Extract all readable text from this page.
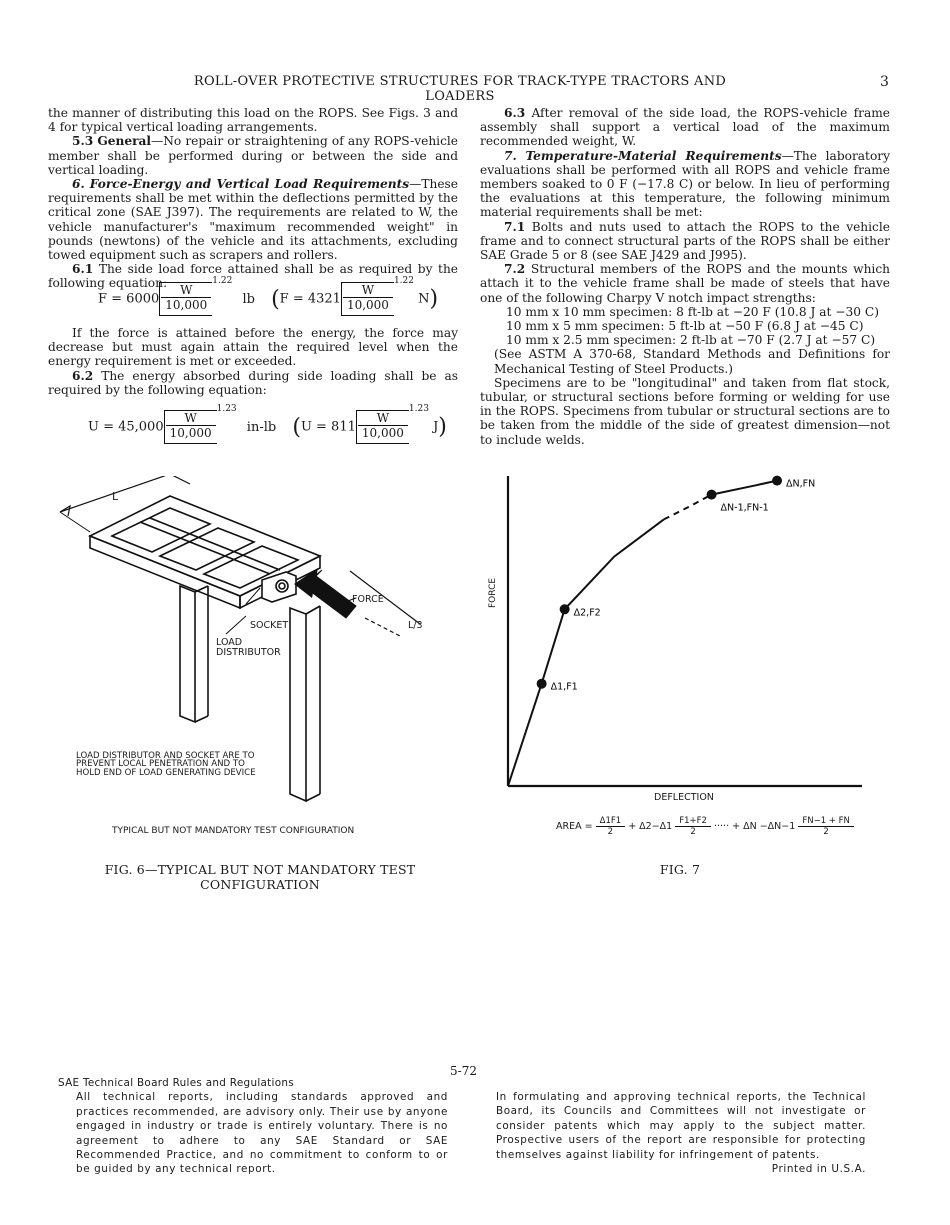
ROLL-OVER PROTECTIVE STRUCTURES FOR TRACK-TYPE TRACTORS AND LOADERS
3

the manner of distributing this load on the ROPS. See Figs. 3 and 4 for typical vertical loading arrangements.

5.3 General—No repair or straightening of any ROPS-vehicle member shall be performed during or between the side and vertical loading.

6. Force-Energy and Vertical Load Requirements—These requirements shall be met within the deflections permitted by the critical zone (SAE J397). The requirements are related to W, the vehicle manufacturer's "maximum recommended weight" in pounds (newtons) of the vehicle and its attachments, excluding towed equipment such as scrapers and rollers.

6.1 The side load force attained shall be as required by the following equation:

$F = 6000 \frac{W}{10,000}$
$^{1.22}$ lb ($F = 4321 \frac{W}{10,000}$
$^{1.22}$ N)

If the force is attained before the energy, the force may decrease but must again attain the required level when the energy requirement is met or exceeded.

6.2 The energy absorbed during side loading shall be as required by the following equation:

$U = 45,000 \frac{W}{10,000}$
$^{1.23}$ in-lb ($U = 811 \frac{W}{10,000}$
$^{1.23}$ J)

6.3 After removal of the side load, the ROPS-vehicle frame assembly shall support a vertical load of the maximum recommended weight, W.

7. Temperature-Material Requirements—The laboratory evaluations shall be performed with all ROPS and vehicle frame members soaked to 0 F (−17.8 C) or below. In lieu of performing the evaluations at this temperature, the following minimum material requirements shall be met:

7.1 Bolts and nuts used to attach the ROPS to the vehicle frame and to connect structural parts of the ROPS shall be either SAE Grade 5 or 8 (see SAE J429 and J995).

7.2 Structural members of the ROPS and the mounts which attach it to the vehicle frame shall be made of steels that have one of the following Charpy V notch impact strengths:

10 mm x 10 mm specimen: 8 ft-lb at −20 F (10.8 J at −30 C)

10 mm x 5 mm specimen: 5 ft-lb at −50 F (6.8 J at −45 C)

10 mm x 2.5 mm specimen: 2 ft-lb at −70 F (2.7 J at −57 C)

(See ASTM A 370-68, Standard Methods and Definitions for Mechanical Testing of Steel Products.)

Specimens are to be "longitudinal" and taken from flat stock, tubular, or structural sections before forming or welding for use in the ROPS. Specimens from tubular or structural sections are to be taken from the middle of the side of greatest dimension—not to include welds.

L
FORCE
L/3
SOCKET
LOAD
DISTRIBUTOR
LOAD DISTRIBUTOR AND SOCKET ARE TO
PREVENT LOCAL PENETRATION AND TO
HOLD END OF LOAD GENERATING DEVICE
TYPICAL BUT NOT MANDATORY TEST CONFIGURATION
FIG. 6—TYPICAL BUT NOT MANDATORY TEST
CONFIGURATION
Δ1,F1
Δ2,F2
ΔN-1,FN-1
ΔN,FN
FORCE
DEFLECTION
AREA = $\frac{\Delta 1F1}{2} + \Delta 2-\Delta 1 \frac{F1+F2}{2}$ ····· + $\Delta N -\Delta N-1 \frac{FN-1 + FN}{2}$
FIG. 7
5-72

SAE Technical Board Rules and Regulations

All technical reports, including standards approved and practices recommended, are advisory only. Their use by anyone engaged in industry or trade is entirely voluntary. There is no agreement to adhere to any SAE Standard or SAE Recommended Practice, and no commitment to conform to or be guided by any technical report.

In formulating and approving technical reports, the Technical Board, its Councils and Committees will not investigate or consider patents which may apply to the subject matter. Prospective users of the report are responsible for protecting themselves against liability for infringement of patents.

Printed in U.S.A.
